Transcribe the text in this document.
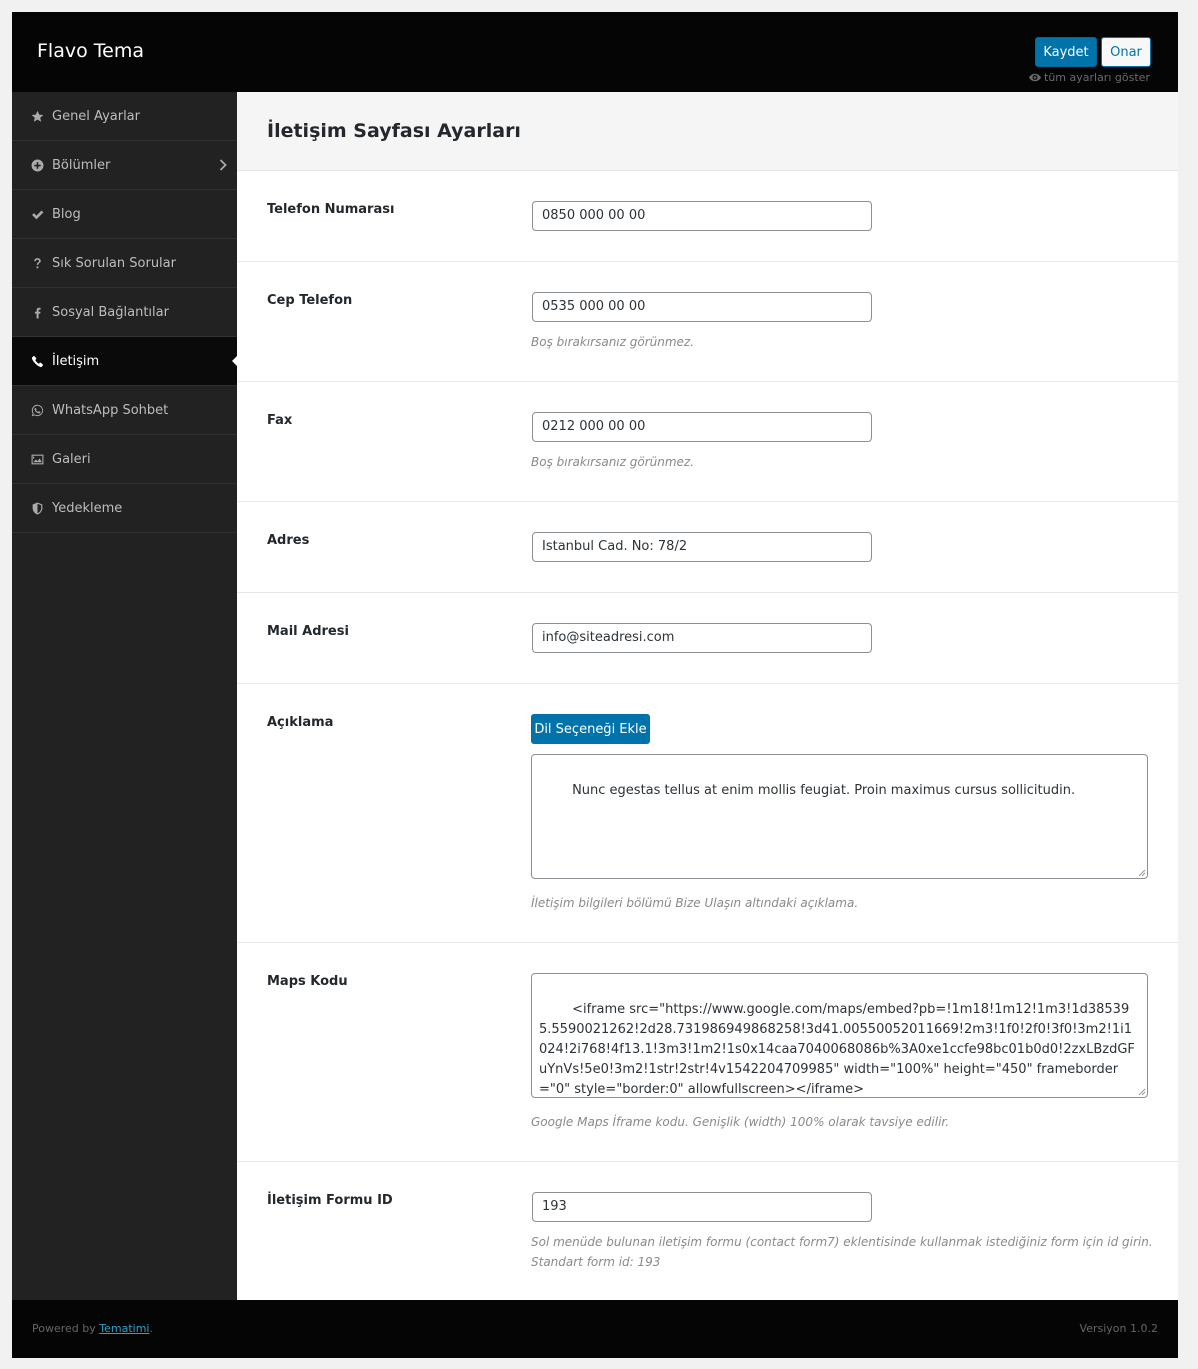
Flavo Tema	Kaydet	Onar
tüm ayarları göster
Genel Ayarlar
Bölümler
Blog
Sık Sorulan Sorular
Sosyal Bağlantılar
İletişim
WhatsApp Sohbet
Galeri
Yedekleme
İletişim Sayfası Ayarları
Telefon Numarası	0850 000 00 00
Cep Telefon	0535 000 00 00
Boş bırakırsanız görünmez.
Fax	0212 000 00 00
Boş bırakırsanız görünmez.
Adres	Istanbul Cad. No: 78/2
Mail Adresi	info@siteadresi.com
Açıklama	Dil Seçeneği Ekle

Nunc egestas tellus at enim mollis feugiat. Proin maximus cursus sollicitudin.

İletişim bilgileri bölümü Bize Ulaşın altındaki açıklama.
Maps Kodu

<iframe src="https://www.google.com/maps/embed?pb=!1m18!1m12!1m3!1d385395.5590021262!2d28.731986949868258!3d41.00550052011669!2m3!1f0!2f0!3f0!3m2!1i1024!2i768!4f13.1!3m3!1m2!1s0x14caa7040068086b%3A0xe1ccfe98bc01b0d0!2zxLBzdGFuYnVs!5e0!3m2!1str!2str!4v1542204709985" width="100%" height="450" frameborder="0" style="border:0" allowfullscreen></iframe>

Google Maps İframe kodu. Genişlik (width) 100% olarak tavsiye edilir.
İletişim Formu ID	193
Sol menüde bulunan iletişim formu (contact form7) eklentisinde kullanmak istediğiniz form için id girin.
Standart form id: 193
Powered by Tematimi.	Versiyon 1.0.2
